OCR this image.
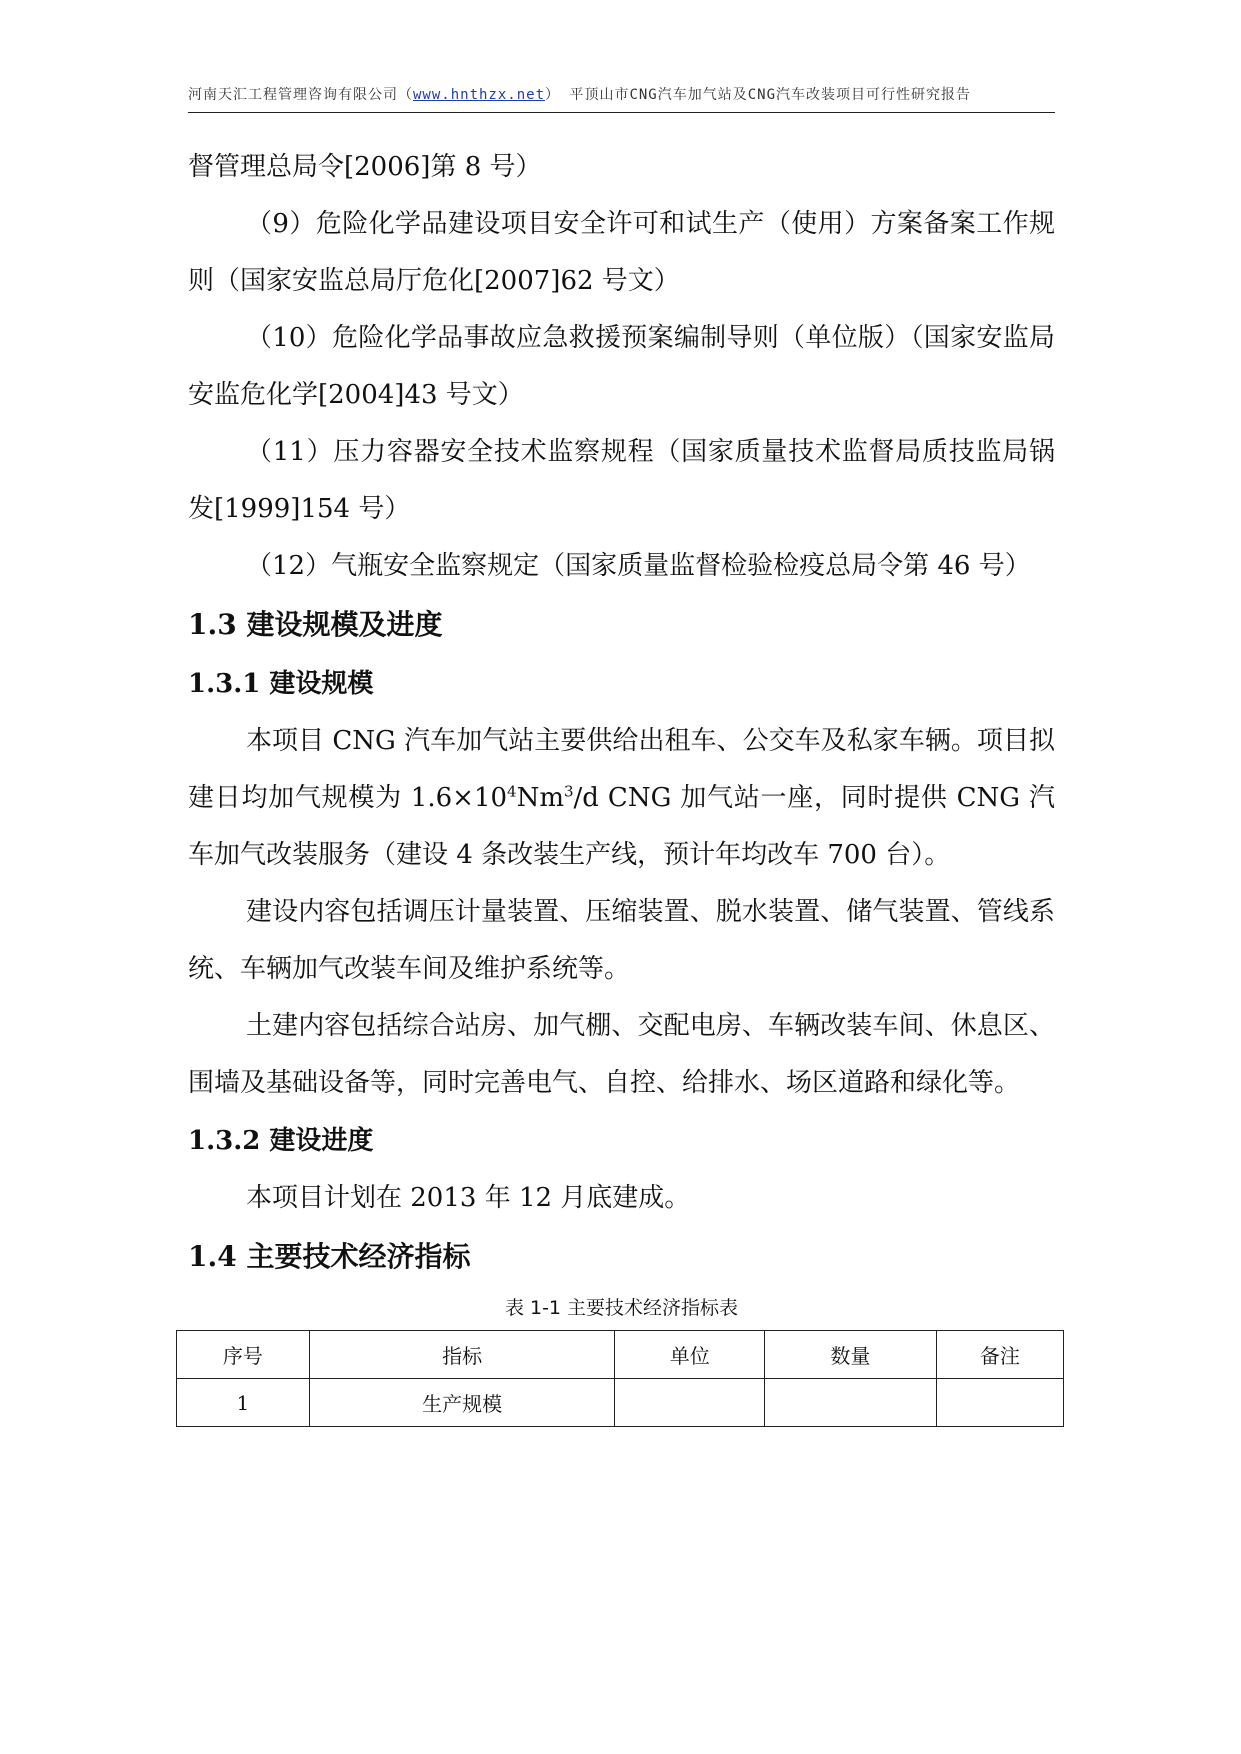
河南天汇工程管理咨询有限公司（www.hnthzx.net） 平顶山市CNG汽车加气站及CNG汽车改装项目可行性研究报告

督管理总局令[2006]第 8 号）

（9）危险化学品建设项目安全许可和试生产（使用）方案备案工作规则（国家安监总局厅危化[2007]62 号文）

（10）危险化学品事故应急救援预案编制导则（单位版）（国家安监局安监危化学[2004]43 号文）

（11）压力容器安全技术监察规程（国家质量技术监督局质技监局锅发[1999]154 号）

（12）气瓶安全监察规定（国家质量监督检验检疫总局令第 46 号）

1.3 建设规模及进度
1.3.1 建设规模

本项目 CNG 汽车加气站主要供给出租车、公交车及私家车辆。项目拟建日均加气规模为 $1.6\times 10^4Nm^3/d$ CNG 加气站一座，同时提供 CNG 汽车加气改装服务（建设 4 条改装生产线，预计年均改车 700 台）。

建设内容包括调压计量装置、压缩装置、脱水装置、储气装置、管线系统、车辆加气改装车间及维护系统等。

土建内容包括综合站房、加气棚、交配电房、车辆改装车间、休息区、围墙及基础设备等，同时完善电气、自控、给排水、场区道路和绿化等。

1.3.2 建设进度

本项目计划在 2013 年 12 月底建成。

1.4 主要技术经济指标
表 1-1 主要技术经济指标表
序号	指标	单位	数量	备注
1	生产规模			
